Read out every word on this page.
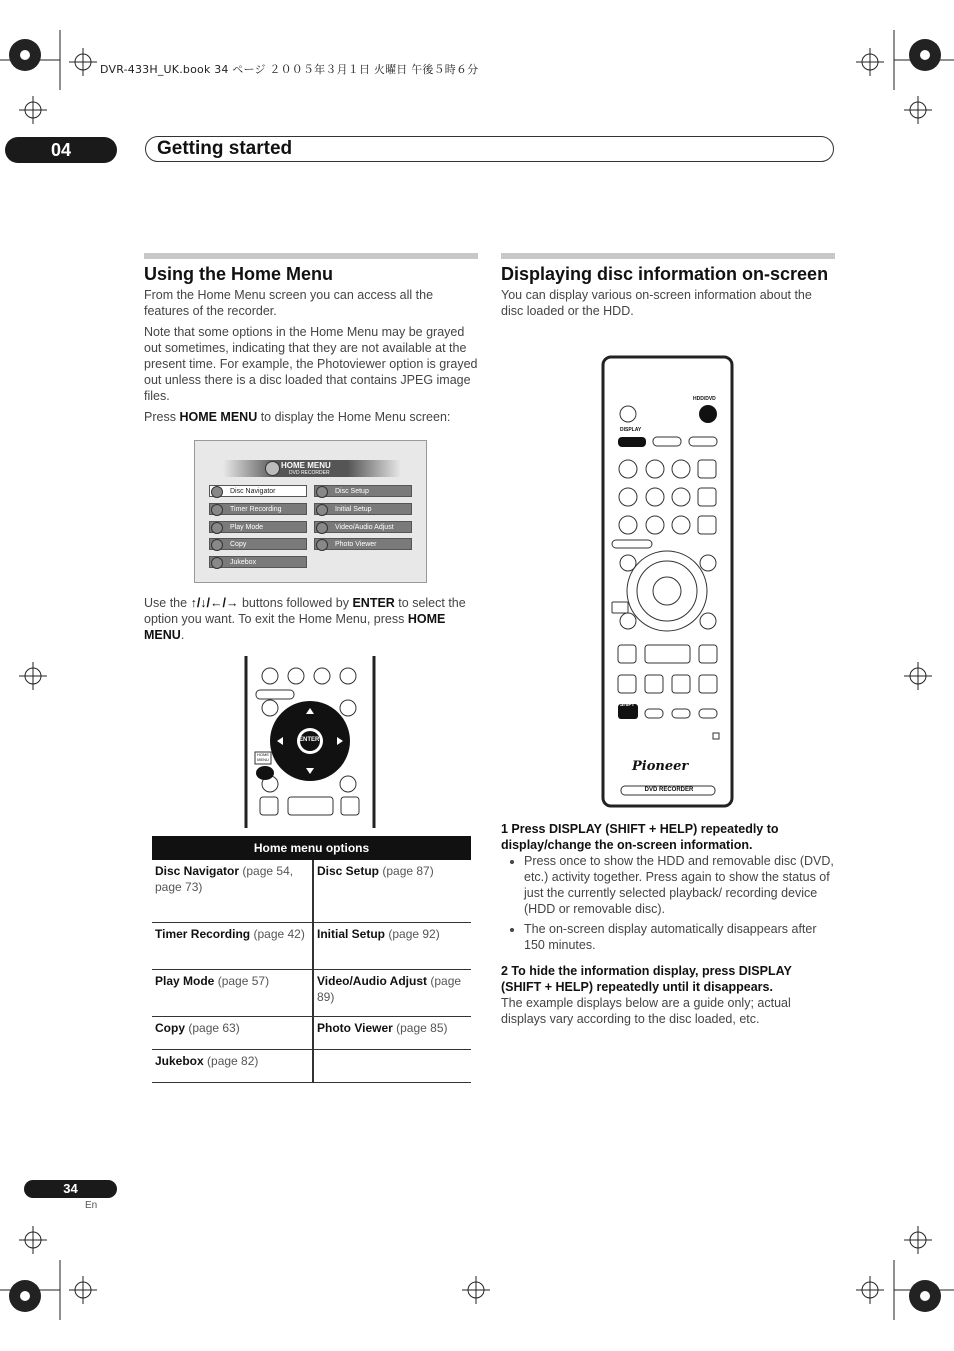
DVR-433H_UK.book 34 ページ ２００５年３月１日 火曜日 午後５時６分
04	Getting started
Using the Home Menu

From the Home Menu screen you can access all the features of the recorder.

Note that some options in the Home Menu may be grayed out sometimes, indicating that they are not available at the present time. For example, the Photoviewer option is grayed out unless there is a disc loaded that contains JPEG image files.

Press HOME MENU to display the Home Menu screen:

HOME MENU
DVD RECORDER
Disc Navigator
Timer Recording
Play Mode
Copy
Jukebox
Disc Setup
Initial Setup
Video/Audio Adjust
Photo Viewer

Use the ↑/↓/←/→ buttons followed by ENTER to select the option you want. To exit the Home Menu, press HOME MENU.

ENTER
HOME MENU
Home menu options	
Disc Navigator (page 54, page 73)	Disc Setup (page 87)
Timer Recording (page 42)	Initial Setup (page 92)
Play Mode (page 57)	Video/Audio Adjust (page 89)
Copy (page 63)	Photo Viewer (page 85)
Jukebox (page 82)	
Displaying disc information on-screen

You can display various on-screen information about the disc loaded or the HDD.

HDD/DVD
DISPLAY
SHIFT
Pioneer
DVD RECORDER

1 Press DISPLAY (SHIFT + HELP) repeatedly to display/change the on-screen information.

• Press once to show the HDD and removable disc (DVD, etc.) activity together. Press again to show the status of just the currently selected playback/ recording device (HDD or removable disc).
• The on-screen display automatically disappears after 150 minutes.

2 To hide the information display, press DISPLAY (SHIFT + HELP) repeatedly until it disappears.

The example displays below are a guide only; actual displays vary according to the disc loaded, etc.

34
En
